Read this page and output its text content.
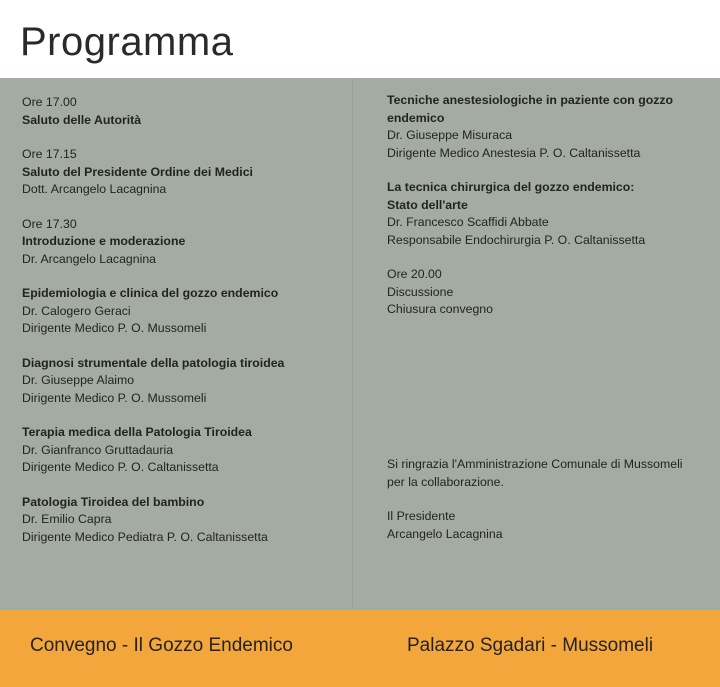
Programma
Ore 17.00
Saluto delle Autorità
Ore 17.15
Saluto del Presidente Ordine dei Medici
Dott. Arcangelo Lacagnina
Ore 17.30
Introduzione e moderazione
Dr. Arcangelo Lacagnina
Epidemiologia e clinica del gozzo endemico
Dr. Calogero Geraci
Dirigente Medico P. O. Mussomeli
Diagnosi strumentale della patologia tiroidea
Dr. Giuseppe Alaimo
Dirigente Medico P. O. Mussomeli
Terapia medica della Patologia Tiroidea
Dr. Gianfranco Gruttadauria
Dirigente Medico P. O. Caltanissetta
Patologia Tiroidea del bambino
Dr. Emilio Capra
Dirigente Medico Pediatra P. O. Caltanissetta
Tecniche anestesiologiche in paziente con gozzo
endemico
Dr. Giuseppe Misuraca
Dirigente Medico Anestesia P. O. Caltanissetta
La tecnica chirurgica del gozzo endemico:
Stato dell'arte
Dr. Francesco Scaffidi Abbate
Responsabile Endochirurgia P. O. Caltanissetta
Ore 20.00
Discussione
Chiusura convegno
Si ringrazia l'Amministrazione Comunale di Mussomeli
per la collaborazione.
Il Presidente
Arcangelo Lacagnina
Convegno - Il Gozzo Endemico	Palazzo Sgadari - Mussomeli
